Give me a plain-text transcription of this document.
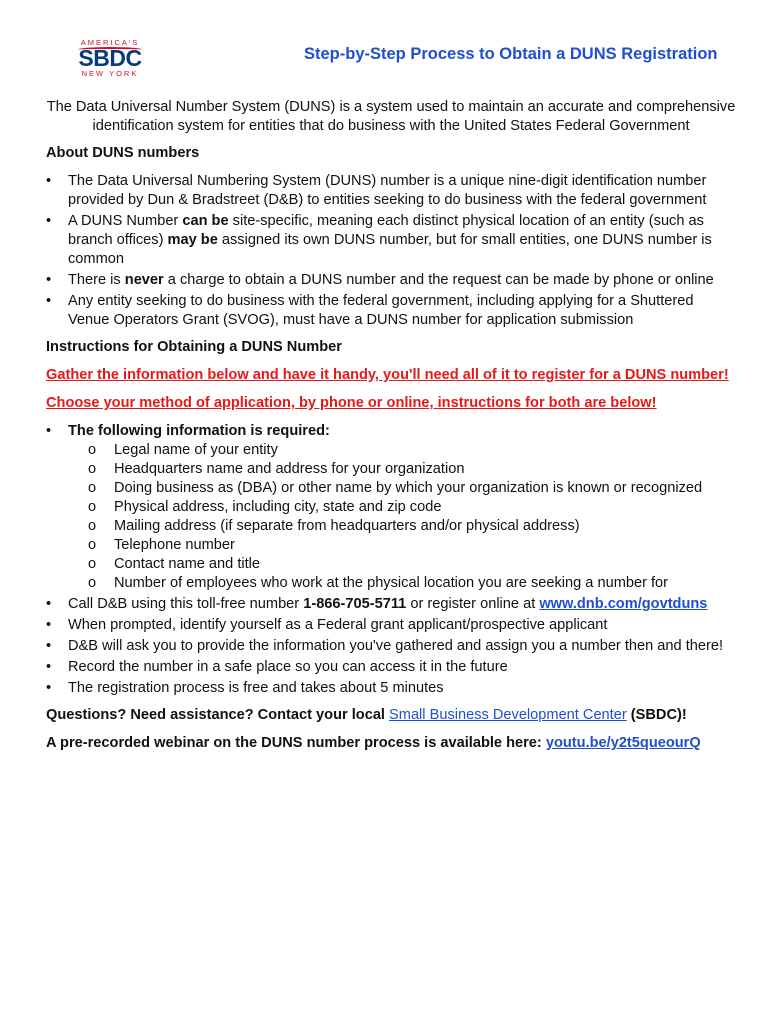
AMERICA'S
SBDC
NEW YORK
Step-by-Step Process to Obtain a DUNS Registration

The Data Universal Number System (DUNS) is a system used to maintain an accurate and comprehensive identification system for entities that do business with the United States Federal Government

About DUNS numbers
• The Data Universal Numbering System (DUNS) number is a unique nine-digit identification number provided by Dun & Bradstreet (D&B) to entities seeking to do business with the federal government
• A DUNS Number can be site-specific, meaning each distinct physical location of an entity (such as branch offices) may be assigned its own DUNS number, but for small entities, one DUNS number is common
• There is never a charge to obtain a DUNS number and the request can be made by phone or online
• Any entity seeking to do business with the federal government, including applying for a Shuttered Venue Operators Grant (SVOG), must have a DUNS number for application submission
Instructions for Obtaining a DUNS Number

Gather the information below and have it handy, you'll need all of it to register for a DUNS number!

Choose your method of application, by phone or online, instructions for both are below!

• The following information is required:
o Legal name of your entity
o Headquarters name and address for your organization
o Doing business as (DBA) or other name by which your organization is known or recognized
o Physical address, including city, state and zip code
o Mailing address (if separate from headquarters and/or physical address)
o Telephone number
o Contact name and title
o Number of employees who work at the physical location you are seeking a number for
• Call D&B using this toll-free number 1-866-705-5711 or register online at www.dnb.com/govtduns
• When prompted, identify yourself as a Federal grant applicant/prospective applicant
• D&B will ask you to provide the information you've gathered and assign you a number then and there!
• Record the number in a safe place so you can access it in the future
• The registration process is free and takes about 5 minutes

Questions? Need assistance? Contact your local Small Business Development Center (SBDC)!

A pre-recorded webinar on the DUNS number process is available here: youtu.be/y2t5queourQ
